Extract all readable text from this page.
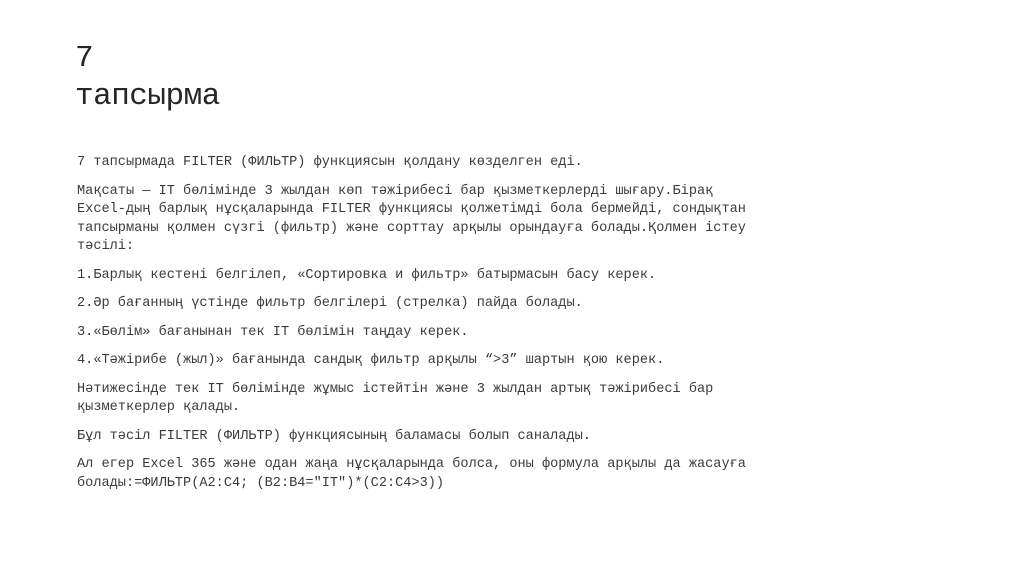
7
тапсырма

7 тапсырмада FILTER (ФИЛЬТР) функциясын қолдану көзделген еді.

Мақсаты — IT бөлімінде 3 жылдан көп тәжірибесі бар қызметкерлерді шығару.Бірақ
Excel-дың барлық нұсқаларында FILTER функциясы қолжетімді бола бермейді, сондықтан
тапсырманы қолмен сүзгі (фильтр) және сорттау арқылы орындауға болады.Қолмен істеу
тәсілі:

1.Барлық кестені белгілеп, «Сортировка и фильтр» батырмасын басу керек.

2.Әр бағанның үстінде фильтр белгілері (стрелка) пайда болады.

3.«Бөлім» бағанынан тек IT бөлімін таңдау керек.

4.«Тәжірибе (жыл)» бағанында сандық фильтр арқылы “>3” шартын қою керек.

Нәтижесінде тек IT бөлімінде жұмыс істейтін және 3 жылдан артық тәжірибесі бар
қызметкерлер қалады.

Бұл тәсіл FILTER (ФИЛЬТР) функциясының баламасы болып саналады.

Ал егер Excel 365 және одан жаңа нұсқаларында болса, оны формула арқылы да жасауға
болады:=ФИЛЬТР(A2:C4; (B2:B4="IT")*(C2:C4>3))
